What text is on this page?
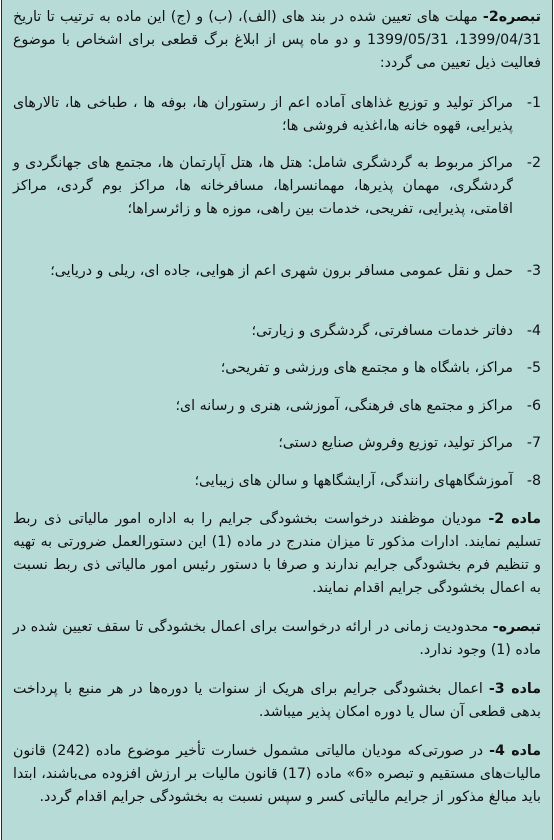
تبصره2- مهلت های تعیین شده در بند های (الف)، (ب) و (ج) این ماده به ترتیب تا تاریخ 1399/04/31، 1399/05/31 و دو ماه پس از ابلاغ برگ قطعی برای اشخاص با موضوع فعالیت ذیل تعیین می گردد:

1-
مراکز تولید و توزیع غذاهای آماده اعم از رستوران ها، بوفه ها ، طباخی ها، تالارهای پذیرایی، قهوه خانه ها،اغذیه فروشی ها؛
2-
مراکز مربوط به گردشگری شامل: هتل ها، هتل آپارتمان ها، مجتمع های جهانگردی و گردشگری، مهمان پذیرها، مهمانسراها، مسافرخانه ها، مراکز بوم گردی، مراکز اقامتی، پذیرایی، تفریحی، خدمات بین راهی، موزه ها و زائرسراها؛
3-
حمل و نقل عمومی مسافر برون شهری اعم از هوایی، جاده ای، ریلی و دریایی؛
4-
دفاتر خدمات مسافرتی، گردشگری و زیارتی؛
5-
مراکز، باشگاه ها و مجتمع های ورزشی و تفریحی؛
6-
مراکز و مجتمع های فرهنگی، آموزشی، هنری و رسانه ای؛
7-
مراکز تولید، توزیع وفروش صنایع دستی؛
8-
آموزشگاههای رانندگی، آرایشگاهها و سالن های زیبایی؛

ماده 2- مودیان موظفند درخواست بخشودگی جرایم را به اداره امور مالیاتی ذی ربط تسلیم نمایند. ادارات مذکور تا میزان مندرج در ماده (1) این دستورالعمل ضرورتی به تهیه و تنظیم فرم بخشودگی جرایم ندارند و صرفا با دستور رئیس امور مالیاتی ذی ربط نسبت به اعمال بخشودگی جرایم اقدام نمایند.

تبصره- محدودیت زمانی در ارائه درخواست برای اعمال بخشودگی تا سقف تعیین شده در ماده (1) وجود ندارد.

ماده 3- اعمال بخشودگی جرایم برای هریک از سنوات یا دوره‌ها در هر منبع با پرداخت بدهی قطعی آن سال یا دوره امکان پذیر میباشد.

ماده 4- در صورتی‌که مودیان مالیاتی مشمول خسارت تأخیر موضوع ماده (242) قانون مالیات‌های مستقیم و تبصره «6» ماده (17) قانون مالیات بر ارزش افزوده می‌باشند، ابتدا باید مبالغ مذکور از جرایم مالیاتی کسر و سپس نسبت به بخشودگی جرایم اقدام گردد.
